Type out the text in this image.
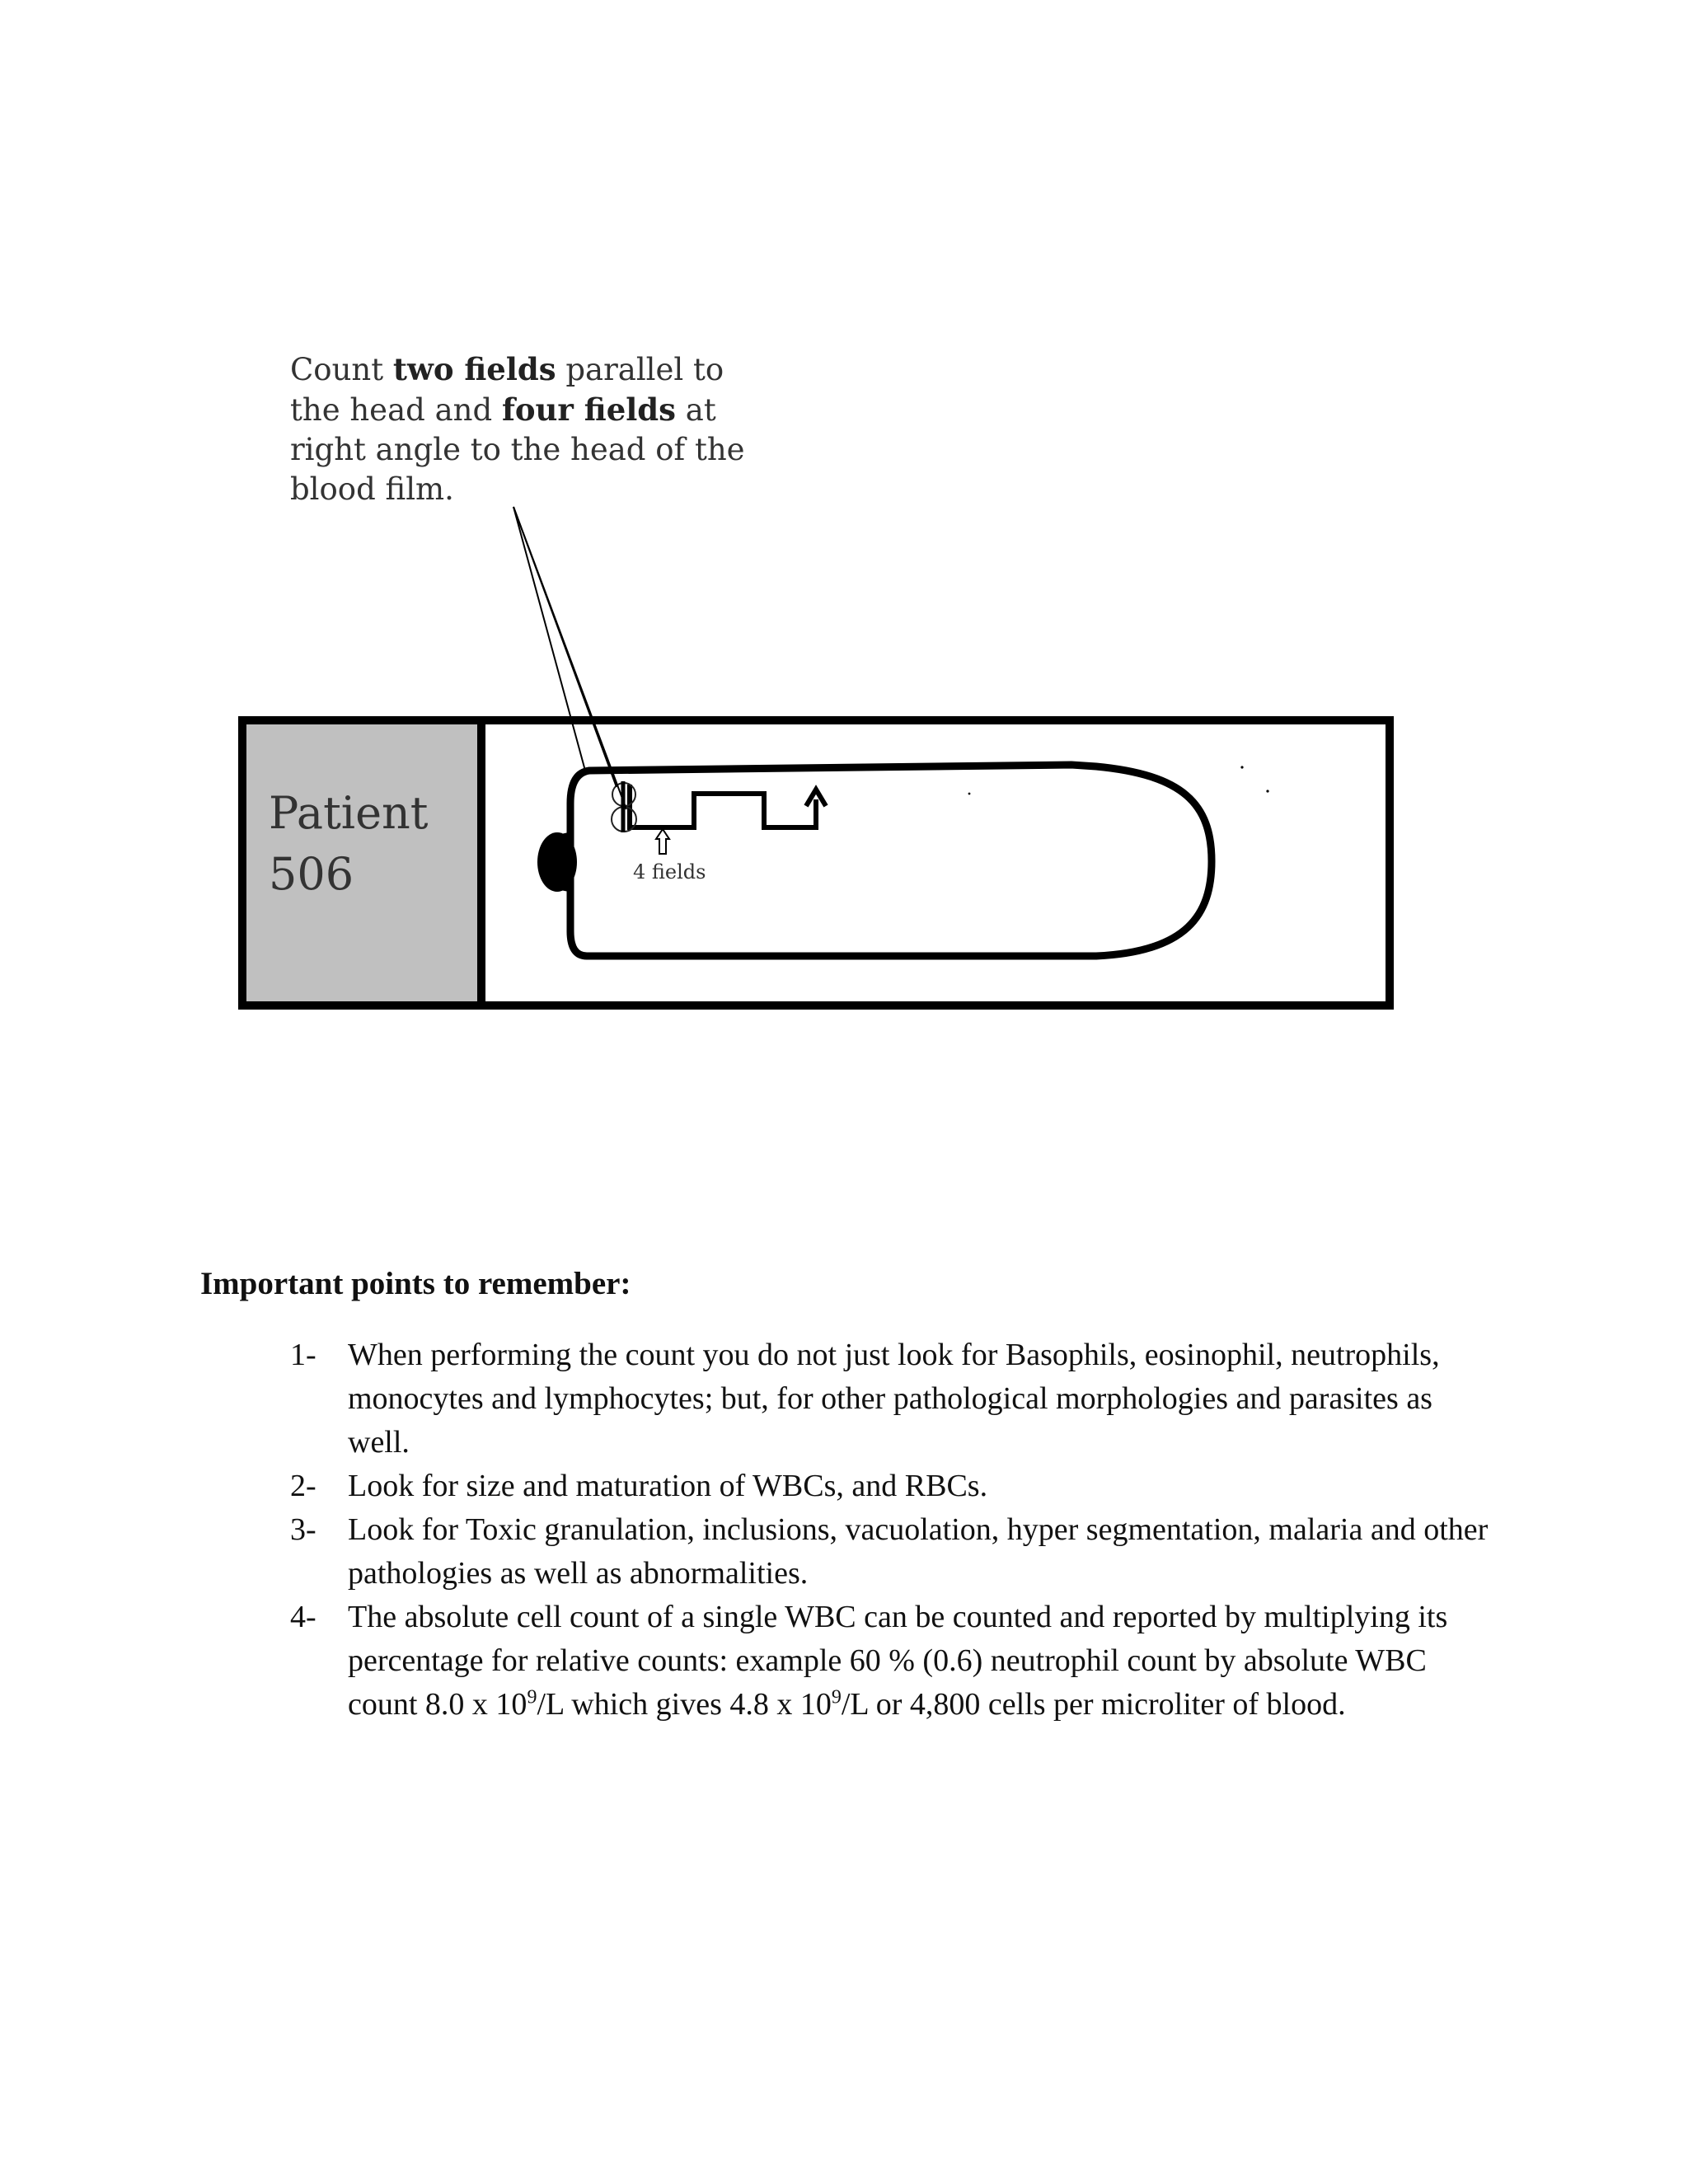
Count two fields parallel to the head and four fields at right angle to the head of the blood film.
Patient
506	4 fields
Important points to remember:
1- When performing the count you do not just look for Basophils, eosinophil, neutrophils, monocytes and lymphocytes; but, for other pathological morphologies and parasites as well.
2- Look for size and maturation of WBCs, and RBCs.
3- Look for Toxic granulation, inclusions, vacuolation, hyper segmentation, malaria and other pathologies as well as abnormalities.
4- The absolute cell count of a single WBC can be counted and reported by multiplying its percentage for relative counts: example 60 % (0.6) neutrophil count by absolute WBC count 8.0 x $10^9/L$ which gives 4.8 x $10^9/L$ or 4,800 cells per microliter of blood.
